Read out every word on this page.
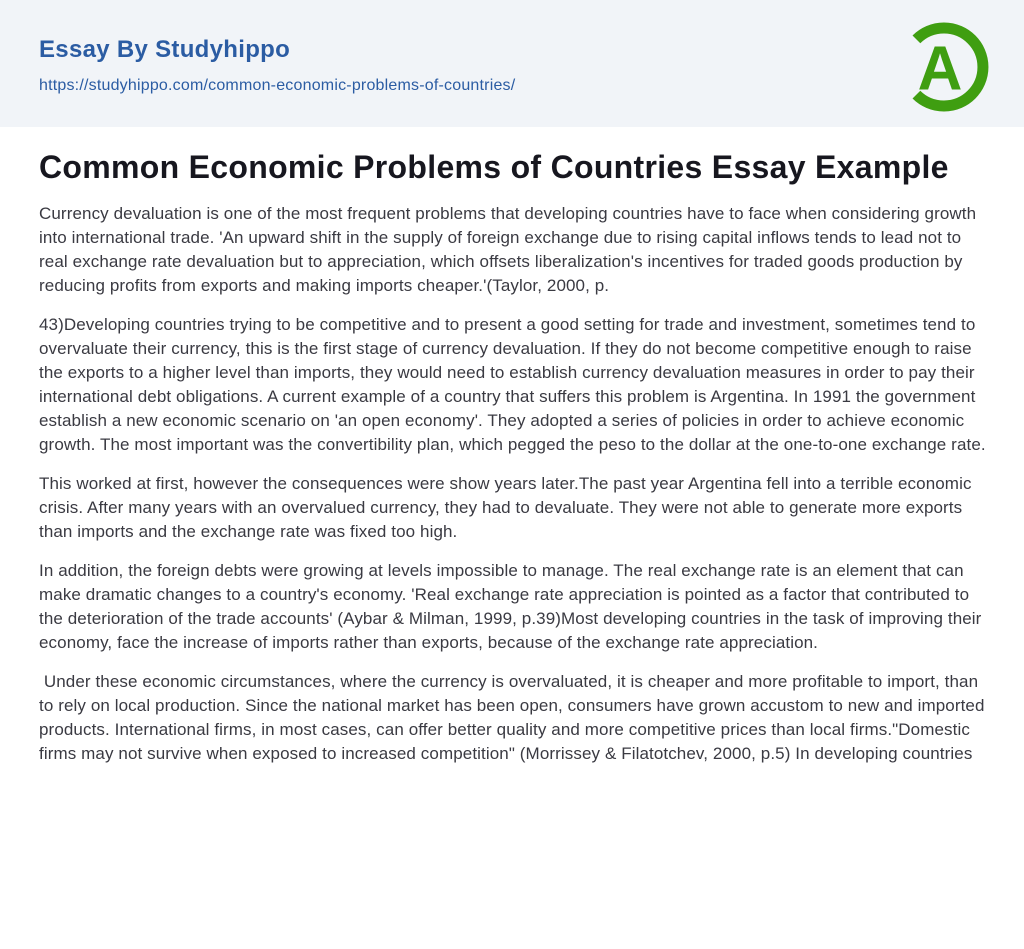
Essay By Studyhippo
https://studyhippo.com/common-economic-problems-of-countries/	A
Common Economic Problems of Countries Essay Example

Currency devaluation is one of the most frequent problems that developing countries have to face when considering growth into international trade. 'An upward shift in the supply of foreign exchange due to rising capital inflows tends to lead not to real exchange rate devaluation but to appreciation, which offsets liberalization's incentives for traded goods production by reducing profits from exports and making imports cheaper.'(Taylor, 2000, p.

43)Developing countries trying to be competitive and to present a good setting for trade and investment, sometimes tend to overvaluate their currency, this is the first stage of currency devaluation. If they do not become competitive enough to raise the exports to a higher level than imports, they would need to establish currency devaluation measures in order to pay their international debt obligations. A current example of a country that suffers this problem is Argentina. In 1991 the government establish a new economic scenario on 'an open economy'. They adopted a series of policies in order to achieve economic growth. The most important was the convertibility plan, which pegged the peso to the dollar at the one-to-one exchange rate.

This worked at first, however the consequences were show years later.The past year Argentina fell into a terrible economic crisis. After many years with an overvalued currency, they had to devaluate. They were not able to generate more exports than imports and the exchange rate was fixed too high.

In addition, the foreign debts were growing at levels impossible to manage. The real exchange rate is an element that can make dramatic changes to a country's economy. 'Real exchange rate appreciation is pointed as a factor that contributed to the deterioration of the trade accounts' (Aybar & Milman, 1999, p.39)Most developing countries in the task of improving their economy, face the increase of imports rather than exports, because of the exchange rate appreciation.

Under these economic circumstances, where the currency is overvaluated, it is cheaper and more profitable to import, than to rely on local production. Since the national market has been open, consumers have grown accustom to new and imported products. International firms, in most cases, can offer better quality and more competitive prices than local firms."Domestic firms may not survive when exposed to increased competition" (Morrissey & Filatotchev, 2000, p.5) In developing countries
